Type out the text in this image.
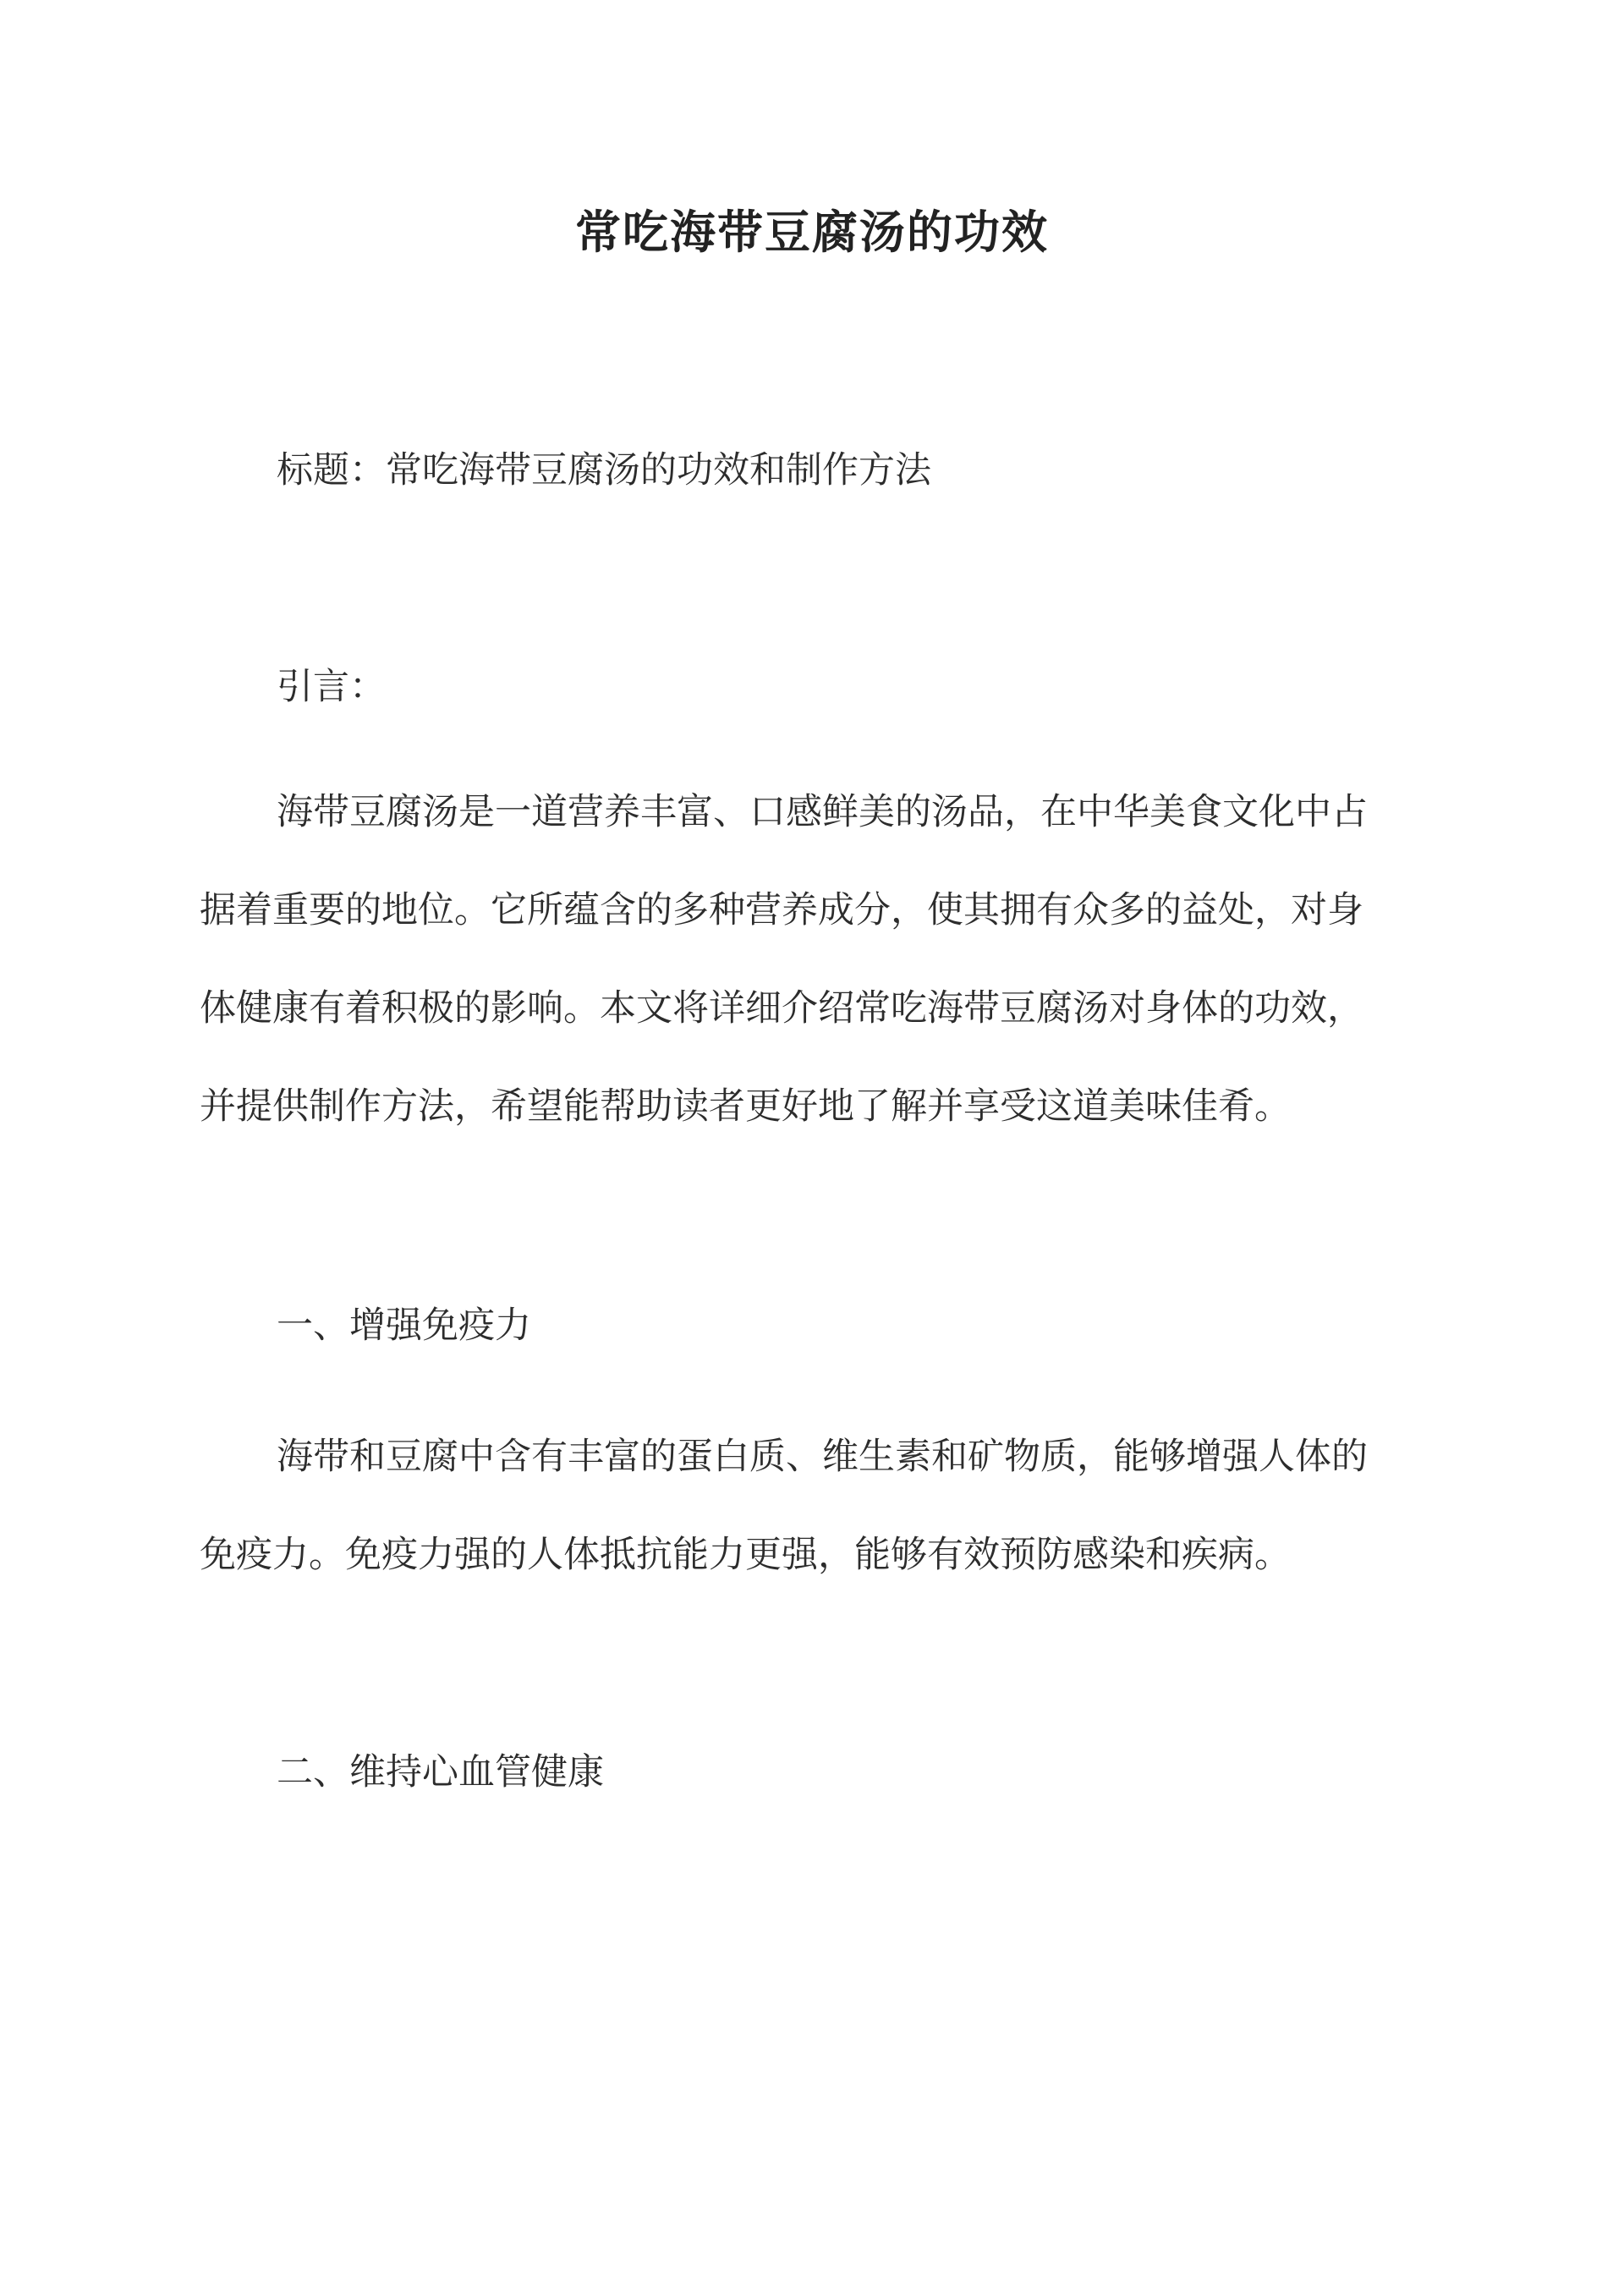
常吃海带豆腐汤的功效
标题：常吃海带豆腐汤的功效和制作方法
引言：
海带豆腐汤是一道营养丰富、口感鲜美的汤品，在中华美食文化中占
据着重要的地位。它所蕴含的多种营养成分，使其拥有众多的益处，对身
体健康有着积极的影响。本文将详细介绍常吃海带豆腐汤对身体的功效，
并提供制作方法，希望能帮助读者更好地了解并享受这道美味佳肴。
一、增强免疫力
海带和豆腐中含有丰富的蛋白质、维生素和矿物质，能够增强人体的
免疫力。免疫力强的人体抵抗能力更强，能够有效预防感染和疾病。
二、维持心血管健康
